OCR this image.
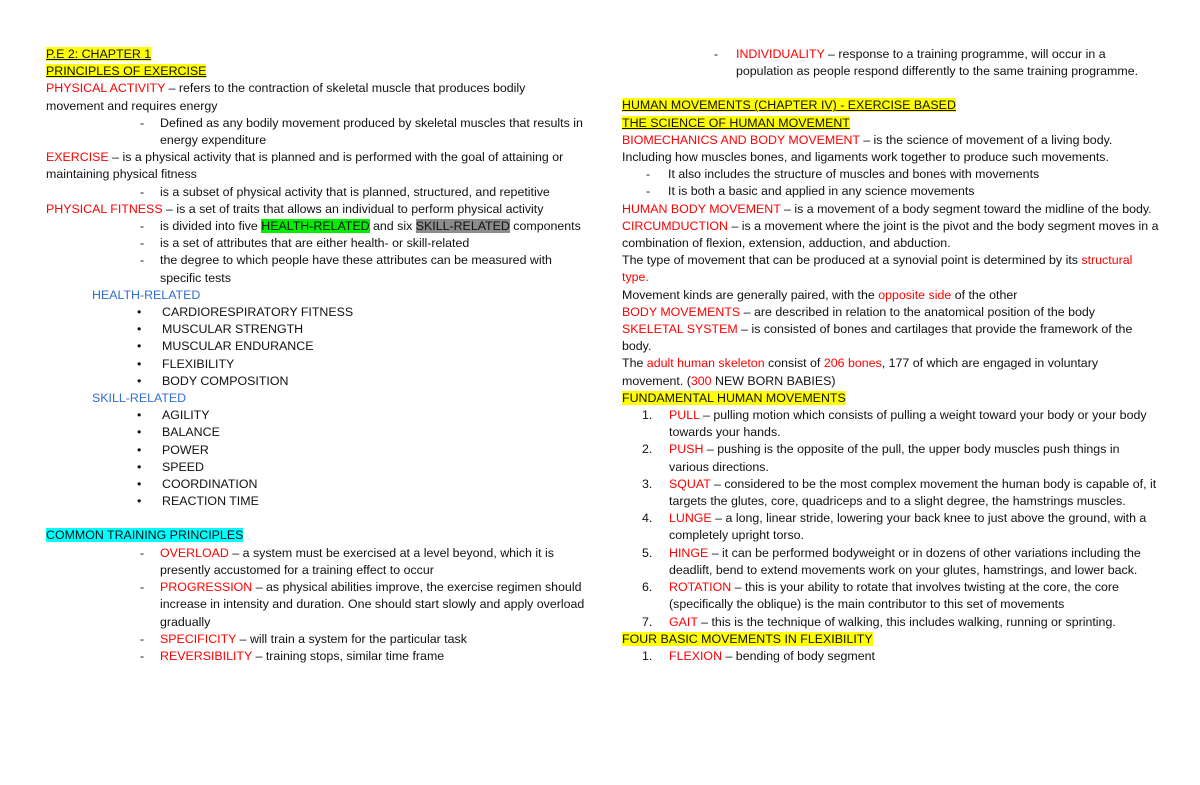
P.E 2: CHAPTER 1

PRINCIPLES OF EXERCISE

PHYSICAL ACTIVITY – refers to the contraction of skeletal muscle that produces bodily movement and requires energy

- Defined as any bodily movement produced by skeletal muscles that results in energy expenditure

EXERCISE – is a physical activity that is planned and is performed with the goal of attaining or maintaining physical fitness

- is a subset of physical activity that is planned, structured, and repetitive

PHYSICAL FITNESS – is a set of traits that allows an individual to perform physical activity

- is divided into five HEALTH-RELATED and six SKILL-RELATED components

- is a set of attributes that are either health- or skill-related

- the degree to which people have these attributes can be measured with specific tests

HEALTH-RELATED

• CARDIORESPIRATORY FITNESS

• MUSCULAR STRENGTH

• MUSCULAR ENDURANCE

• FLEXIBILITY

• BODY COMPOSITION

SKILL-RELATED

• AGILITY

• BALANCE

• POWER

• SPEED

• COORDINATION

• REACTION TIME

COMMON TRAINING PRINCIPLES

- OVERLOAD – a system must be exercised at a level beyond, which it is presently accustomed for a training effect to occur

- PROGRESSION – as physical abilities improve, the exercise regimen should increase in intensity and duration. One should start slowly and apply overload gradually

- SPECIFICITY – will train a system for the particular task

- REVERSIBILITY – training stops, similar time frame

- INDIVIDUALITY – response to a training programme, will occur in a population as people respond differently to the same training programme.

HUMAN MOVEMENTS (CHAPTER IV) - EXERCISE BASED

THE SCIENCE OF HUMAN MOVEMENT

BIOMECHANICS AND BODY MOVEMENT – is the science of movement of a living body. Including how muscles bones, and ligaments work together to produce such movements.

- It also includes the structure of muscles and bones with movements

- It is both a basic and applied in any science movements

HUMAN BODY MOVEMENT – is a movement of a body segment toward the midline of the body.

CIRCUMDUCTION – is a movement where the joint is the pivot and the body segment moves in a combination of flexion, extension, adduction, and abduction.

The type of movement that can be produced at a synovial point is determined by its structural type.

Movement kinds are generally paired, with the opposite side of the other

BODY MOVEMENTS – are described in relation to the anatomical position of the body

SKELETAL SYSTEM – is consisted of bones and cartilages that provide the framework of the body.

The adult human skeleton consist of 206 bones, 177 of which are engaged in voluntary movement. (300 NEW BORN BABIES)

FUNDAMENTAL HUMAN MOVEMENTS

1. PULL – pulling motion which consists of pulling a weight toward your body or your body towards your hands.

2. PUSH – pushing is the opposite of the pull, the upper body muscles push things in various directions.

3. SQUAT – considered to be the most complex movement the human body is capable of, it targets the glutes, core, quadriceps and to a slight degree, the hamstrings muscles.

4. LUNGE – a long, linear stride, lowering your back knee to just above the ground, with a completely upright torso.

5. HINGE – it can be performed bodyweight or in dozens of other variations including the deadlift, bend to extend movements work on your glutes, hamstrings, and lower back.

6. ROTATION – this is your ability to rotate that involves twisting at the core, the core (specifically the oblique) is the main contributor to this set of movements

7. GAIT – this is the technique of walking, this includes walking, running or sprinting.

FOUR BASIC MOVEMENTS IN FLEXIBILITY

1. FLEXION – bending of body segment
